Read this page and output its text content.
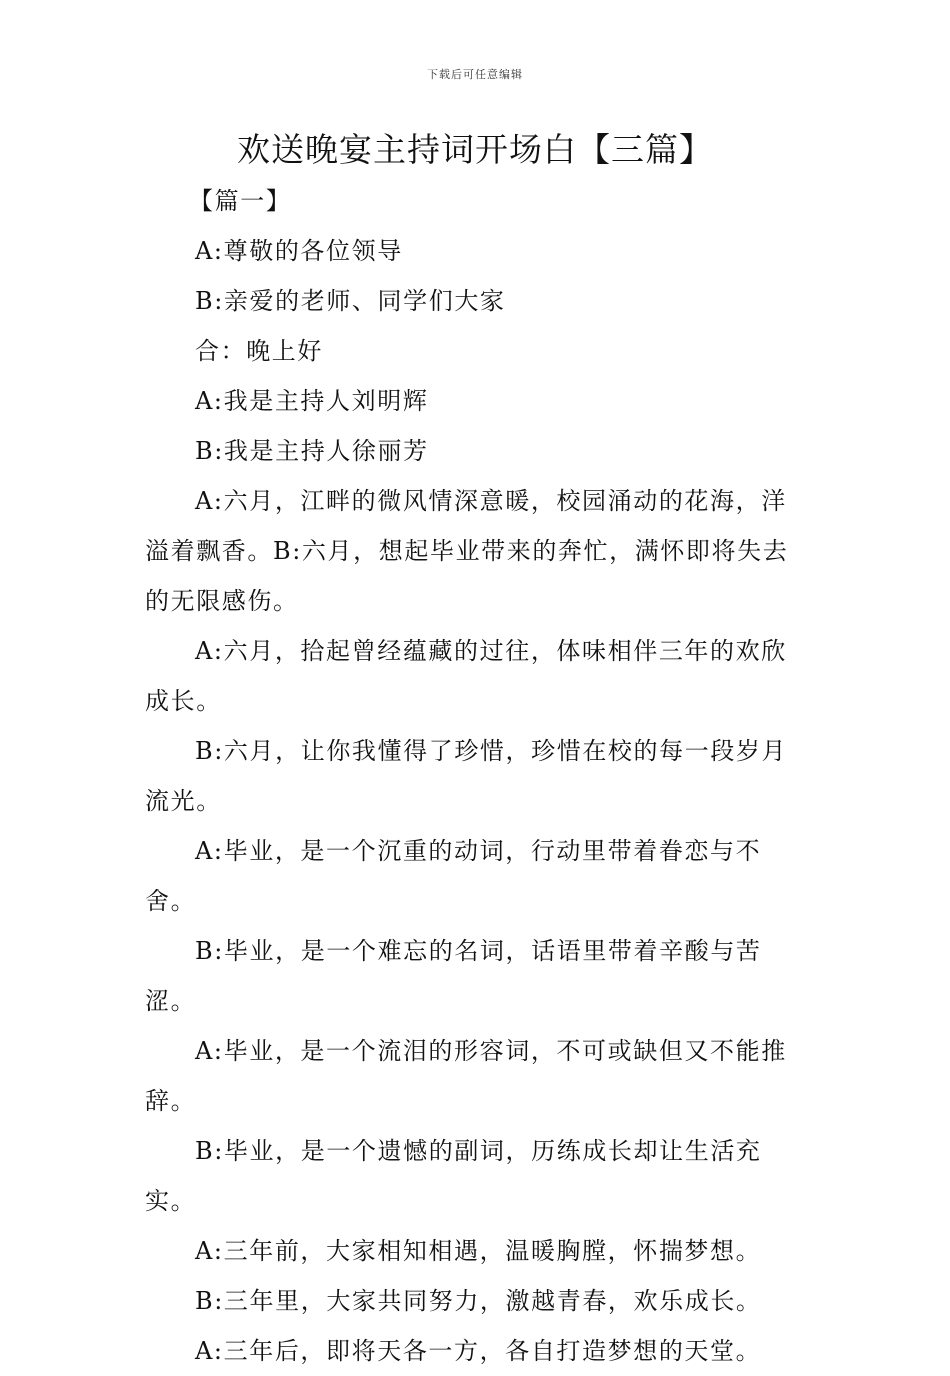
下载后可任意编辑
欢送晚宴主持词开场白【三篇】

【篇一】

A:尊敬的各位领导

B:亲爱的老师、同学们大家

合：晚上好

A:我是主持人刘明辉

B:我是主持人徐丽芳

A:六月，江畔的微风情深意暖，校园涌动的花海，洋溢着飘香。B:六月，想起毕业带来的奔忙，满怀即将失去的无限感伤。

A:六月，拾起曾经蕴藏的过往，体味相伴三年的欢欣成长。

B:六月，让你我懂得了珍惜，珍惜在校的每一段岁月流光。

A:毕业，是一个沉重的动词，行动里带着眷恋与不舍。

B:毕业，是一个难忘的名词，话语里带着辛酸与苦涩。

A:毕业，是一个流泪的形容词，不可或缺但又不能推辞。

B:毕业，是一个遗憾的副词，历练成长却让生活充实。

A:三年前，大家相知相遇，温暖胸膛，怀揣梦想。

B:三年里，大家共同努力，激越青春，欢乐成长。

A:三年后，即将天各一方，各自打造梦想的天堂。
